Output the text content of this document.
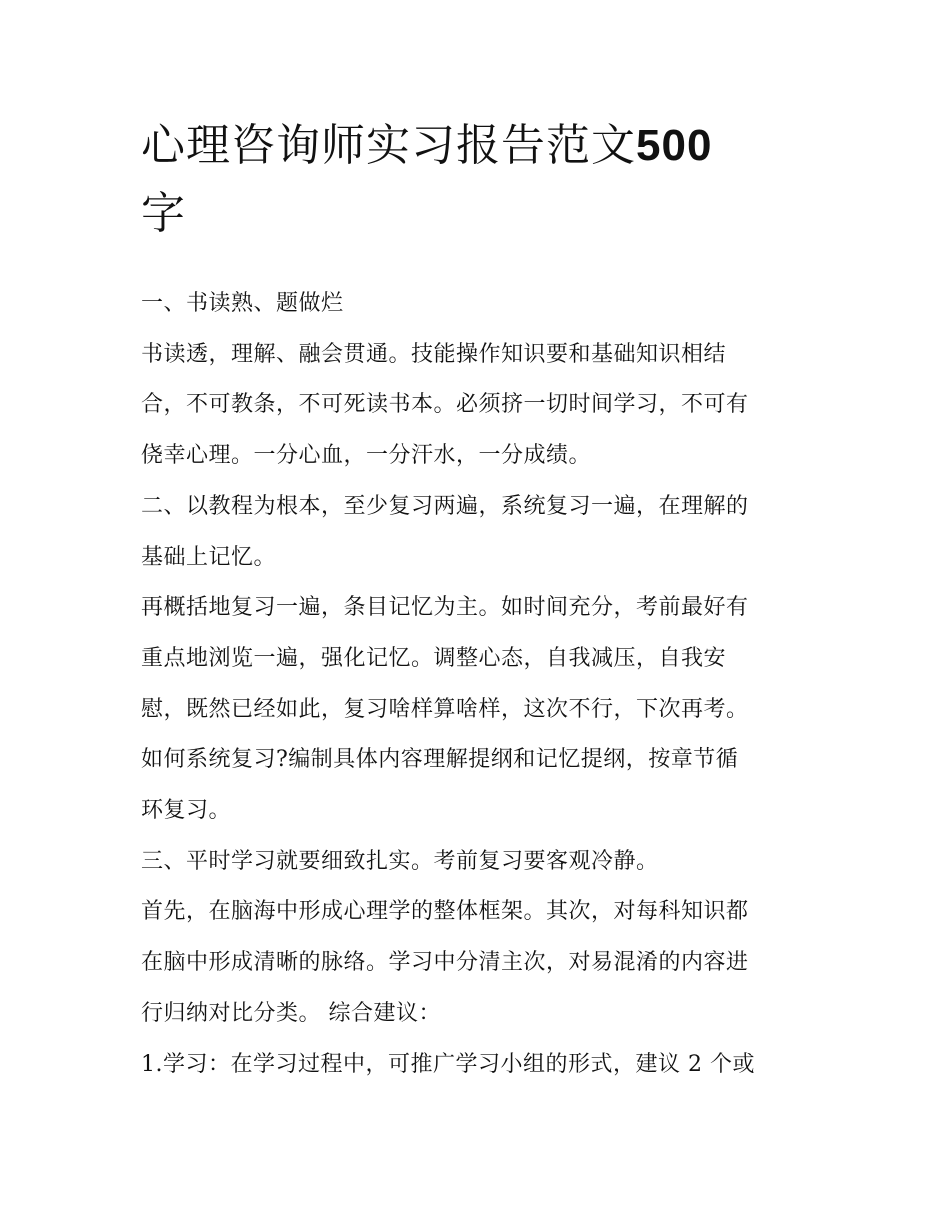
心理咨询师实习报告范文500
字

一、书读熟、题做烂

书读透，理解、融会贯通。技能操作知识要和基础知识相结
合，不可教条，不可死读书本。必须挤一切时间学习，不可有
侥幸心理。一分心血，一分汗水，一分成绩。

二、以教程为根本，至少复习两遍，系统复习一遍，在理解的
基础上记忆。

再概括地复习一遍，条目记忆为主。如时间充分，考前最好有
重点地浏览一遍，强化记忆。调整心态，自我减压，自我安
慰，既然已经如此，复习啥样算啥样，这次不行，下次再考。
如何系统复习?编制具体内容理解提纲和记忆提纲，按章节循
环复习。

三、平时学习就要细致扎实。考前复习要客观冷静。

首先，在脑海中形成心理学的整体框架。其次，对每科知识都
在脑中形成清晰的脉络。学习中分清主次，对易混淆的内容进
行归纳对比分类。 综合建议：

1.学习：在学习过程中，可推广学习小组的形式，建议 2 个或
